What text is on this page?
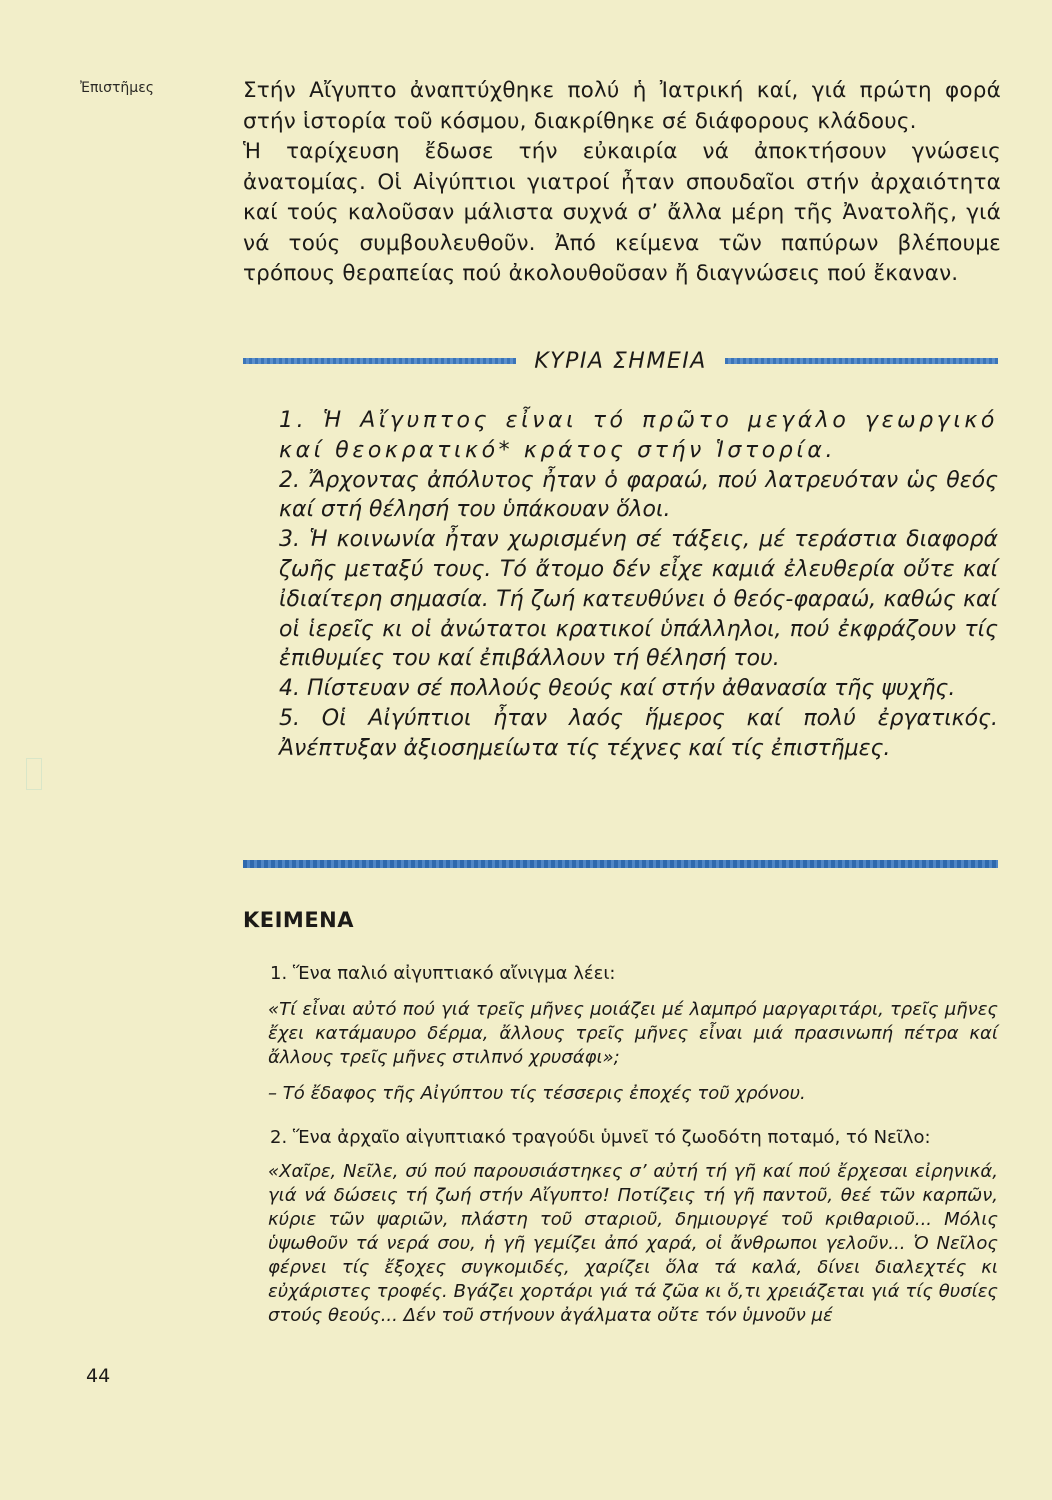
Ἐπιστῆμες	Στήν Αἴγυπτο ἀναπτύχθηκε πολύ ἡ Ἰατρική καί, γιά πρώτη φορά στήν ἱστορία τοῦ κόσμου, διακρίθηκε σέ διάφορους κλάδους.

Ἡ ταρίχευση ἔδωσε τήν εὐκαιρία νά ἀποκτήσουν γνώσεις ἀνατομίας. Οἱ Αἰγύπτιοι γιατροί ἦταν σπουδαῖοι στήν ἀρχαιότητα καί τούς καλοῦσαν μάλιστα συχνά σ’ ἄλλα μέρη τῆς Ἀνατολῆς, γιά νά τούς συμβουλευθοῦν. Ἀπό κείμενα τῶν παπύρων βλέπουμε τρόπους θεραπείας πού ἀκολουθοῦσαν ἤ διαγνώσεις πού ἔκαναν.

ΚΥΡΙΑ ΣΗΜΕΙΑ

1. Ἡ Αἴγυπτος εἶναι τό πρῶτο μεγάλο γεωργικό καί θεοκρατικό* κράτος στήν Ἱστορία.

2. Ἄρχοντας ἀπόλυτος ἦταν ὁ φαραώ, πού λατρευόταν ὡς θεός καί στή θέλησή του ὑπάκουαν ὅλοι.

3. Ἡ κοινωνία ἦταν χωρισμένη σέ τάξεις, μέ τεράστια διαφορά ζωῆς μεταξύ τους. Τό ἄτομο δέν εἶχε καμιά ἐλευθερία οὔτε καί ἰδιαίτερη σημασία. Τή ζωή κατευθύνει ὁ θεός-φαραώ, καθώς καί οἱ ἱερεῖς κι οἱ ἀνώτατοι κρατικοί ὑπάλληλοι, πού ἐκφράζουν τίς ἐπιθυμίες του καί ἐπιβάλλουν τή θέλησή του.

4. Πίστευαν σέ πολλούς θεούς καί στήν ἀθανασία τῆς ψυχῆς.

5. Οἱ Αἰγύπτιοι ἦταν λαός ἥμερος καί πολύ ἐργατικός. Ἀνέπτυξαν ἀξιοσημείωτα τίς τέχνες καί τίς ἐπιστῆμες.

ΚΕΙΜΕΝΑ

1. Ἕνα παλιό αἰγυπτιακό αἴνιγμα λέει:

«Τί εἶναι αὐτό πού γιά τρεῖς μῆνες μοιάζει μέ λαμπρό μαργαριτάρι, τρεῖς μῆνες ἔχει κατάμαυρο δέρμα, ἄλλους τρεῖς μῆνες εἶναι μιά πρασινωπή πέτρα καί ἄλλους τρεῖς μῆνες στιλπνό χρυσάφι»;

– Τό ἔδαφος τῆς Αἰγύπτου τίς τέσσερις ἐποχές τοῦ χρόνου.

2. Ἕνα ἀρχαῖο αἰγυπτιακό τραγούδι ὑμνεῖ τό ζωοδότη ποταμό, τό Νεῖλο:

«Χαῖρε, Νεῖλε, σύ πού παρουσιάστηκες σ’ αὐτή τή γῆ καί πού ἔρχεσαι εἰρηνικά, γιά νά δώσεις τή ζωή στήν Αἴγυπτο! Ποτίζεις τή γῆ παντοῦ, θεέ τῶν καρπῶν, κύριε τῶν ψαριῶν, πλάστη τοῦ σταριοῦ, δημιουργέ τοῦ κριθαριοῦ... Μόλις ὑψωθοῦν τά νερά σου, ἡ γῆ γεμίζει ἀπό χαρά, οἱ ἄνθρωποι γελοῦν... Ὁ Νεῖλος φέρνει τίς ἔξοχες συγκομιδές, χαρίζει ὅλα τά καλά, δίνει διαλεχτές κι εὐχάριστες τροφές. Βγάζει χορτάρι γιά τά ζῶα κι ὅ,τι χρειάζεται γιά τίς θυσίες στούς θεούς... Δέν τοῦ στήνουν ἀγάλματα οὔτε τόν ὑμνοῦν μέ

44
